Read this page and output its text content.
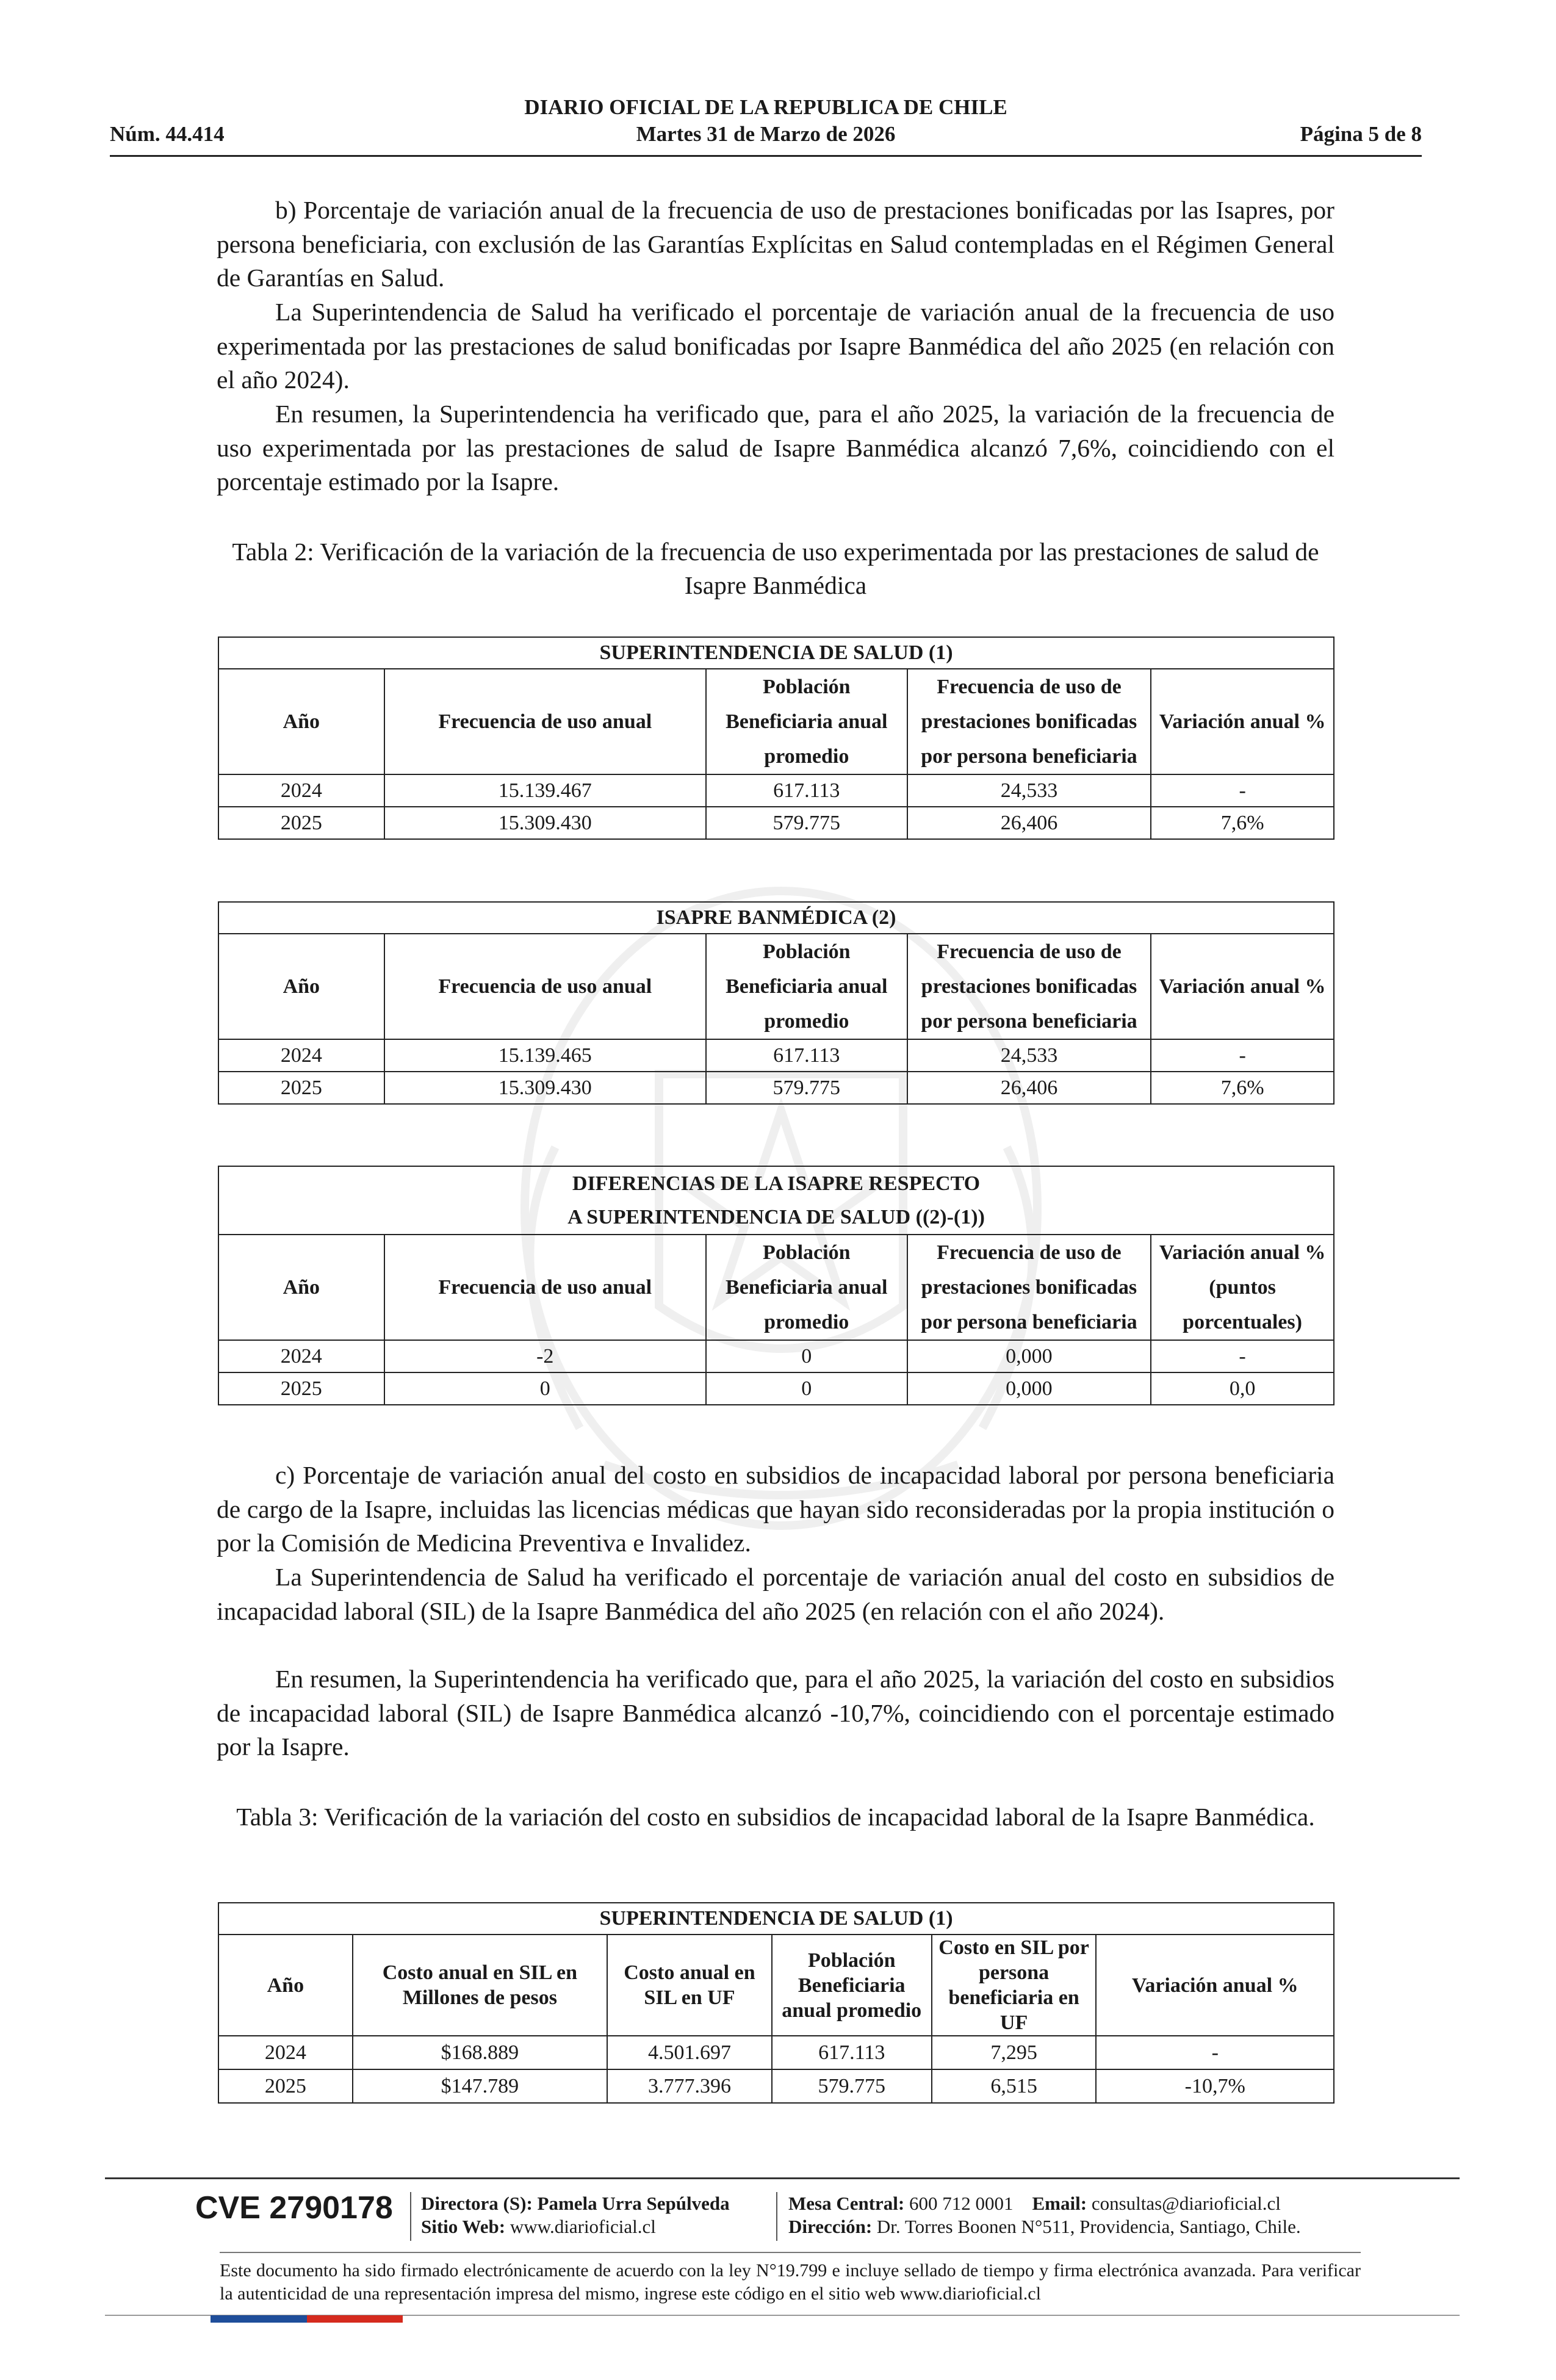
DIARIO OFICIAL DE LA REPUBLICA DE CHILE
Núm. 44.414	Martes 31 de Marzo de 2026	Página 5 de 8

b) Porcentaje de variación anual de la frecuencia de uso de prestaciones bonificadas por las Isapres, por persona beneficiaria, con exclusión de las Garantías Explícitas en Salud contempladas en el Régimen General de Garantías en Salud.

La Superintendencia de Salud ha verificado el porcentaje de variación anual de la frecuencia de uso experimentada por las prestaciones de salud bonificadas por Isapre Banmédica del año 2025 (en relación con el año 2024).

En resumen, la Superintendencia ha verificado que, para el año 2025, la variación de la frecuencia de uso experimentada por las prestaciones de salud de Isapre Banmédica alcanzó 7,6%, coincidiendo con el porcentaje estimado por la Isapre.

Tabla 2: Verificación de la variación de la frecuencia de uso experimentada por las prestaciones de salud de Isapre Banmédica

SUPERINTENDENCIA DE SALUD (1)				
Año	Frecuencia de uso anual	Población Beneficiaria anual promedio	Frecuencia de uso de prestaciones bonificadas por persona beneficiaria	Variación anual %
2024	15.139.467	617.113	24,533	-
2025	15.309.430	579.775	26,406	7,6%
ISAPRE BANMÉDICA (2)				
Año	Frecuencia de uso anual	Población Beneficiaria anual promedio	Frecuencia de uso de prestaciones bonificadas por persona beneficiaria	Variación anual %
2024	15.139.465	617.113	24,533	-
2025	15.309.430	579.775	26,406	7,6%
DIFERENCIAS DE LA ISAPRE RESPECTO
A SUPERINTENDENCIA DE SALUD ((2)-(1))				
Año	Frecuencia de uso anual	Población Beneficiaria anual promedio	Frecuencia de uso de prestaciones bonificadas por persona beneficiaria	Variación anual % (puntos porcentuales)
2024	-2	0	0,000	-
2025	0	0	0,000	0,0

c) Porcentaje de variación anual del costo en subsidios de incapacidad laboral por persona beneficiaria de cargo de la Isapre, incluidas las licencias médicas que hayan sido reconsideradas por la propia institución o por la Comisión de Medicina Preventiva e Invalidez.

La Superintendencia de Salud ha verificado el porcentaje de variación anual del costo en subsidios de incapacidad laboral (SIL) de la Isapre Banmédica del año 2025 (en relación con el año 2024).

En resumen, la Superintendencia ha verificado que, para el año 2025, la variación del costo en subsidios de incapacidad laboral (SIL) de Isapre Banmédica alcanzó -10,7%, coincidiendo con el porcentaje estimado por la Isapre.

Tabla 3: Verificación de la variación del costo en subsidios de incapacidad laboral de la Isapre Banmédica.

SUPERINTENDENCIA DE SALUD (1)					
Año	Costo anual en SIL en Millones de pesos	Costo anual en SIL en UF	Población Beneficiaria anual promedio	Costo en SIL por persona beneficiaria en UF	Variación anual %
2024	$168.889	4.501.697	617.113	7,295	-
2025	$147.789	3.777.396	579.775	6,515	-10,7%
CVE 2790178 Directora (S): Pamela Urra Sepúlveda
Sitio Web: www.diarioficial.cl
Mesa Central: 600 712 0001 Email: consultas@diarioficial.cl
Dirección: Dr. Torres Boonen N°511, Providencia, Santiago, Chile.
Este documento ha sido firmado electrónicamente de acuerdo con la ley N°19.799 e incluye sellado de tiempo y firma electrónica avanzada. Para verificar la autenticidad de una representación impresa del mismo, ingrese este código en el sitio web www.diarioficial.cl
